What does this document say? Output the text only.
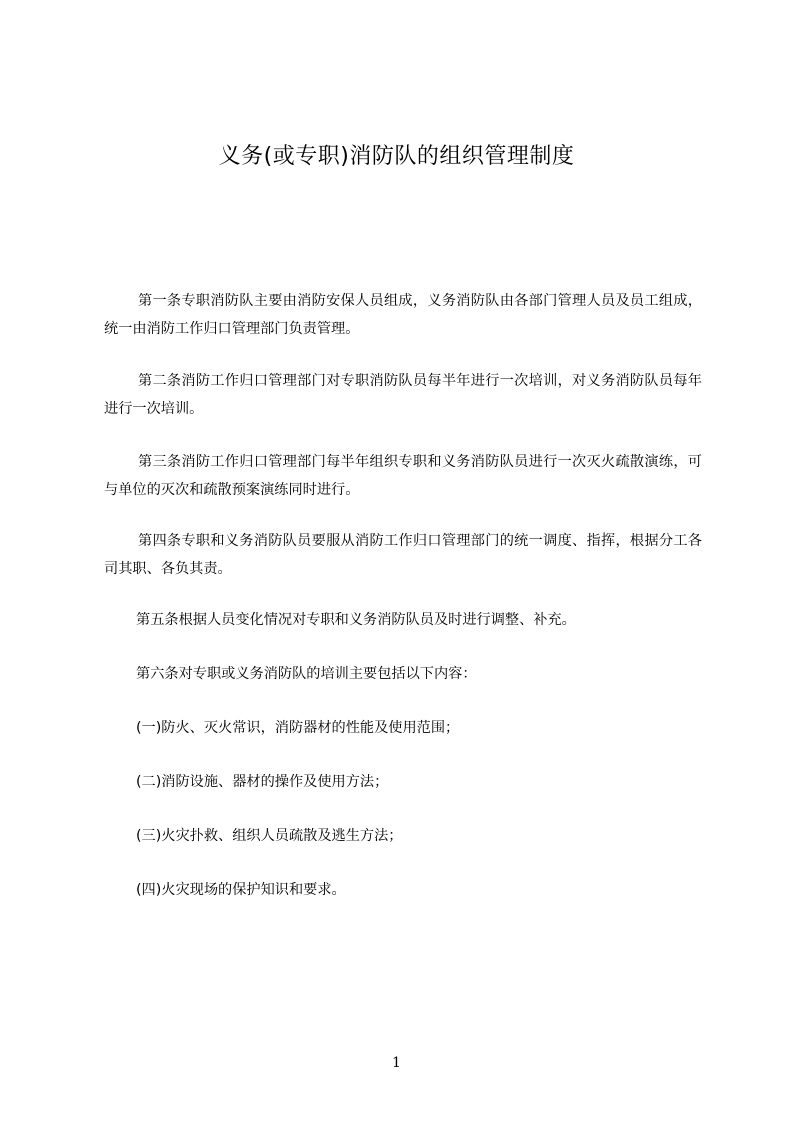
义务(或专职)消防队的组织管理制度

第一条专职消防队主要由消防安保人员组成，义务消防队由各部门管理人员及员工组成，统一由消防工作归口管理部门负责管理。

第二条消防工作归口管理部门对专职消防队员每半年进行一次培训，对义务消防队员每年进行一次培训。

第三条消防工作归口管理部门每半年组织专职和义务消防队员进行一次灭火疏散演练，可与单位的灭次和疏散预案演练同时进行。

第四条专职和义务消防队员要服从消防工作归口管理部门的统一调度、指挥，根据分工各司其职、各负其责。

第五条根据人员变化情况对专职和义务消防队员及时进行调整、补充。

第六条对专职或义务消防队的培训主要包括以下内容：

(一)防火、灭火常识，消防器材的性能及使用范围；

(二)消防设施、器材的操作及使用方法；

(三)火灾扑救、组织人员疏散及逃生方法；

(四)火灾现场的保护知识和要求。

1
